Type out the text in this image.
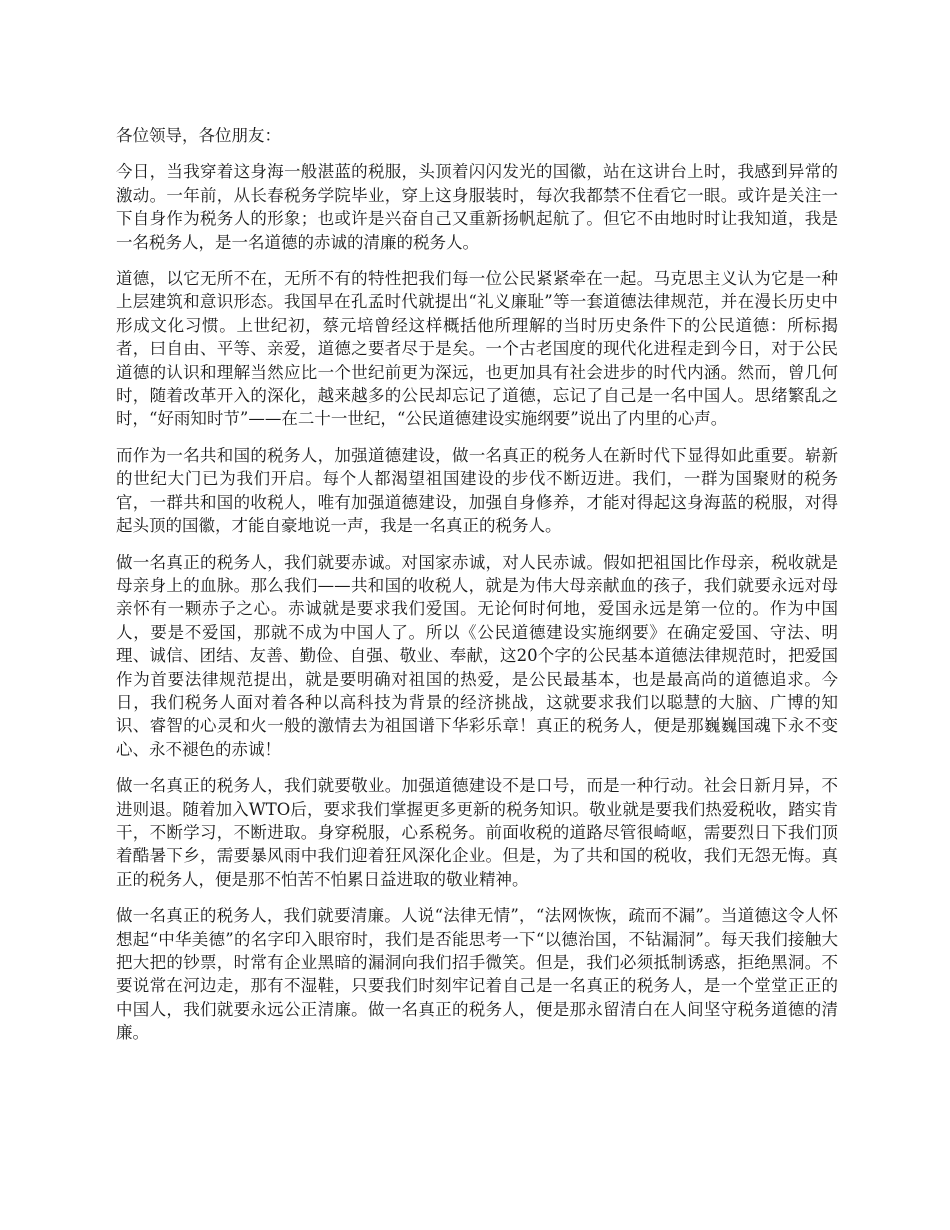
各位领导，各位朋友：

今日，当我穿着这身海一般湛蓝的税服，头顶着闪闪发光的国徽，站在这讲台上时，我感到异常的激动。一年前，从长春税务学院毕业，穿上这身服装时，每次我都禁不住看它一眼。或许是关注一下自身作为税务人的形象；也或许是兴奋自己又重新扬帆起航了。但它不由地时时让我知道，我是一名税务人，是一名道德的赤诚的清廉的税务人。

道德，以它无所不在，无所不有的特性把我们每一位公民紧紧牵在一起。马克思主义认为它是一种上层建筑和意识形态。我国早在孔孟时代就提出“礼义廉耻”等一套道德法律规范，并在漫长历史中形成文化习惯。上世纪初，蔡元培曾经这样概括他所理解的当时历史条件下的公民道德：所标揭者，曰自由、平等、亲爱，道德之要者尽于是矣。一个古老国度的现代化进程走到今日，对于公民道德的认识和理解当然应比一个世纪前更为深远，也更加具有社会进步的时代内涵。然而，曾几何时，随着改革开入的深化，越来越多的公民却忘记了道德，忘记了自己是一名中国人。思绪繁乱之时，“好雨知时节”——在二十一世纪，“公民道德建设实施纲要”说出了内里的心声。

而作为一名共和国的税务人，加强道德建设，做一名真正的税务人在新时代下显得如此重要。崭新的世纪大门已为我们开启。每个人都渴望祖国建设的步伐不断迈进。我们，一群为国聚财的税务官，一群共和国的收税人，唯有加强道德建设，加强自身修养，才能对得起这身海蓝的税服，对得起头顶的国徽，才能自豪地说一声，我是一名真正的税务人。

做一名真正的税务人，我们就要赤诚。对国家赤诚，对人民赤诚。假如把祖国比作母亲，税收就是母亲身上的血脉。那么我们——共和国的收税人，就是为伟大母亲献血的孩子，我们就要永远对母亲怀有一颗赤子之心。赤诚就是要求我们爱国。无论何时何地，爱国永远是第一位的。作为中国人，要是不爱国，那就不成为中国人了。所以《公民道德建设实施纲要》在确定爱国、守法、明理、诚信、团结、友善、勤俭、自强、敬业、奉献，这20个字的公民基本道德法律规范时，把爱国作为首要法律规范提出，就是要明确对祖国的热爱，是公民最基本，也是最高尚的道德追求。今日，我们税务人面对着各种以高科技为背景的经济挑战，这就要求我们以聪慧的大脑、广博的知识、睿智的心灵和火一般的激情去为祖国谱下华彩乐章！真正的税务人，便是那巍巍国魂下永不变心、永不褪色的赤诚！

做一名真正的税务人，我们就要敬业。加强道德建设不是口号，而是一种行动。社会日新月异，不进则退。随着加入WTO后，要求我们掌握更多更新的税务知识。敬业就是要我们热爱税收，踏实肯干，不断学习，不断进取。身穿税服，心系税务。前面收税的道路尽管很崎岖，需要烈日下我们顶着酷暑下乡，需要暴风雨中我们迎着狂风深化企业。但是，为了共和国的税收，我们无怨无悔。真正的税务人，便是那不怕苦不怕累日益进取的敬业精神。

做一名真正的税务人，我们就要清廉。人说“法律无情”，“法网恢恢，疏而不漏”。当道德这令人怀想起“中华美德”的名字印入眼帘时，我们是否能思考一下“以德治国，不钻漏洞”。每天我们接触大把大把的钞票，时常有企业黑暗的漏洞向我们招手微笑。但是，我们必须抵制诱惑，拒绝黑洞。不要说常在河边走，那有不湿鞋，只要我们时刻牢记着自己是一名真正的税务人，是一个堂堂正正的中国人，我们就要永远公正清廉。做一名真正的税务人，便是那永留清白在人间坚守税务道德的清廉。
